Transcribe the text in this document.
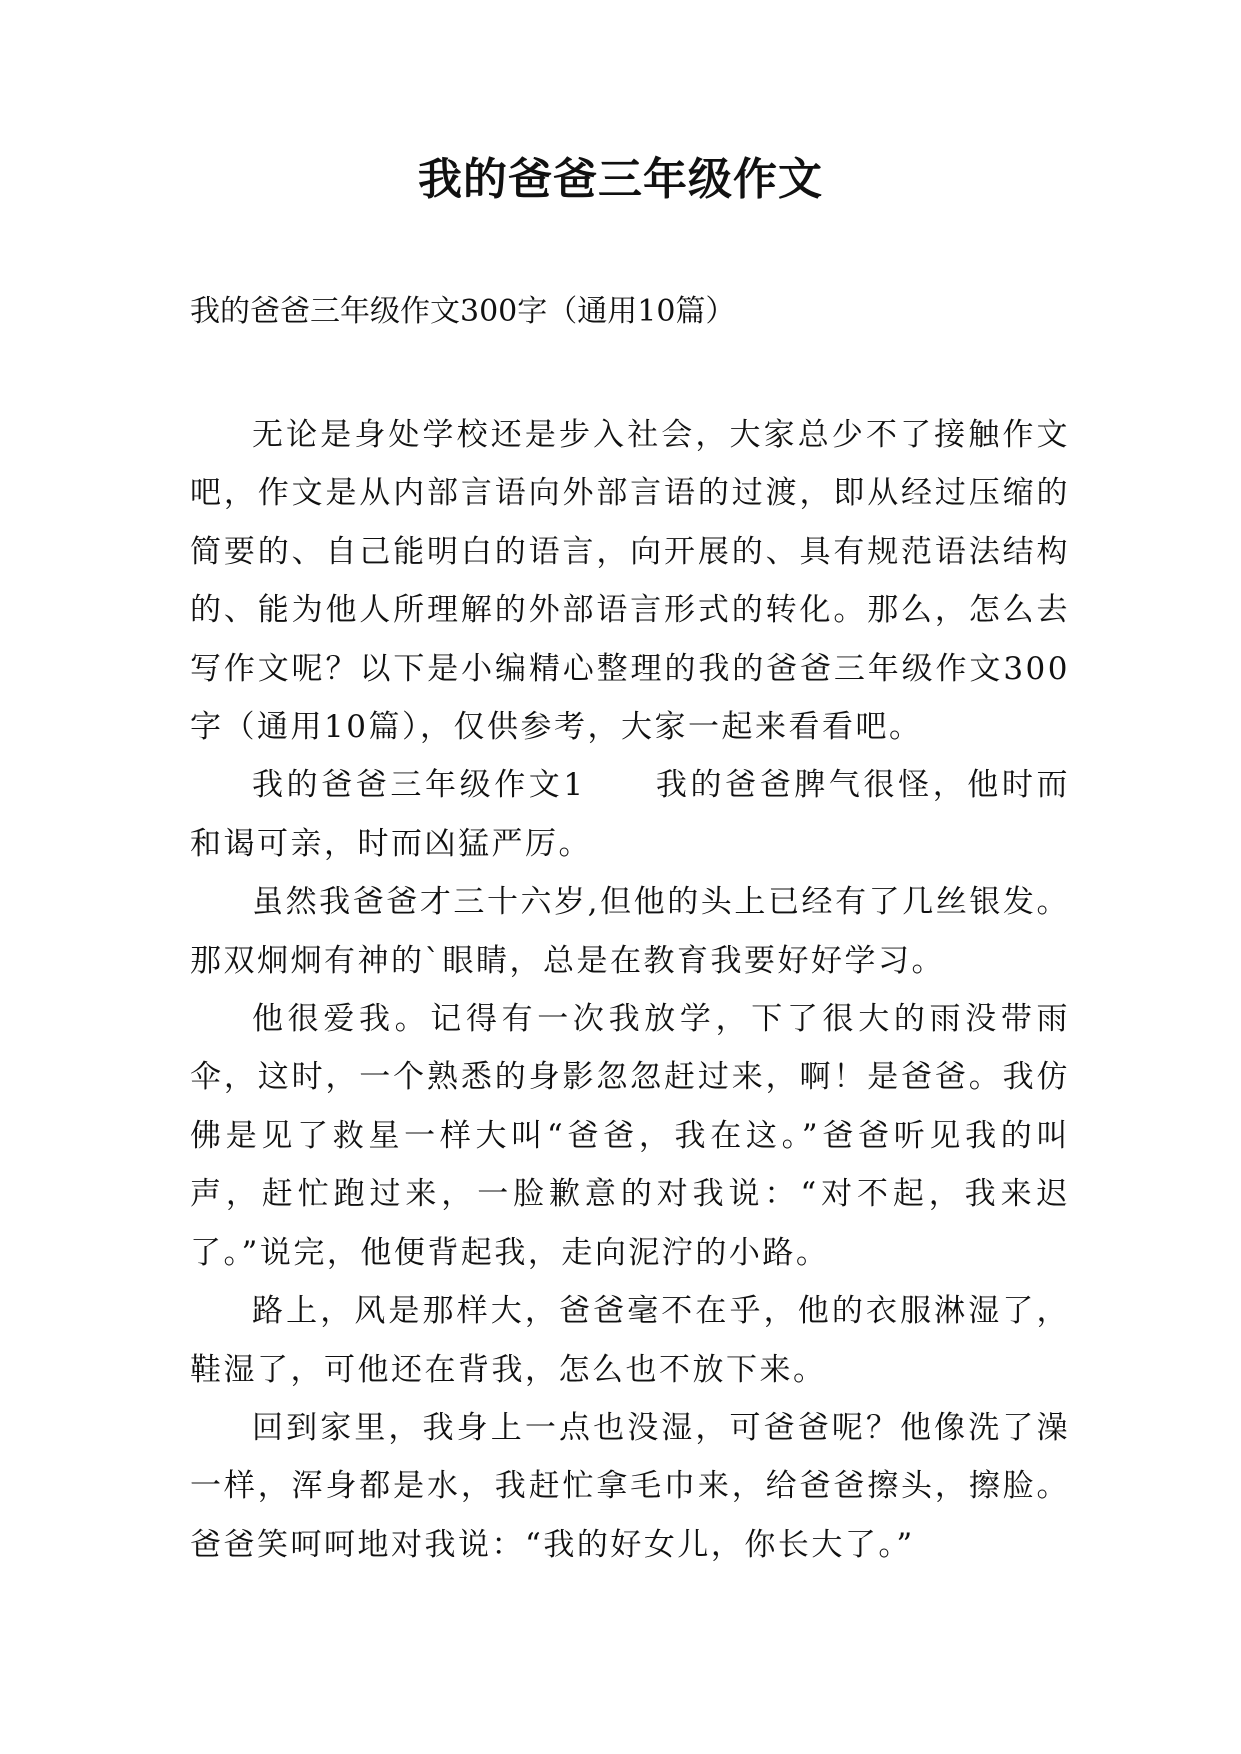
我的爸爸三年级作文

我的爸爸三年级作文300字（通用10篇）

无论是身处学校还是步入社会，大家总少不了接触作文吧，作文是从内部言语向外部言语的过渡，即从经过压缩的简要的、自己能明白的语言，向开展的、具有规范语法结构的、能为他人所理解的外部语言形式的转化。那么，怎么去写作文呢？以下是小编精心整理的我的爸爸三年级作文300字（通用10篇），仅供参考，大家一起来看看吧。

我的爸爸三年级作文1　　我的爸爸脾气很怪，他时而和谒可亲，时而凶猛严厉。

虽然我爸爸才三十六岁,但他的头上已经有了几丝银发。那双炯炯有神的`眼睛，总是在教育我要好好学习。

他很爱我。记得有一次我放学，下了很大的雨没带雨伞，这时，一个熟悉的身影忽忽赶过来，啊！是爸爸。我仿佛是见了救星一样大叫“爸爸，我在这。”爸爸听见我的叫声，赶忙跑过来，一脸歉意的对我说：“对不起，我来迟了。”说完，他便背起我，走向泥泞的小路。

路上，风是那样大，爸爸毫不在乎，他的衣服淋湿了，鞋湿了，可他还在背我，怎么也不放下来。

回到家里，我身上一点也没湿，可爸爸呢？他像洗了澡一样，浑身都是水，我赶忙拿毛巾来，给爸爸擦头，擦脸。爸爸笑呵呵地对我说：“我的好女儿，你长大了。”
